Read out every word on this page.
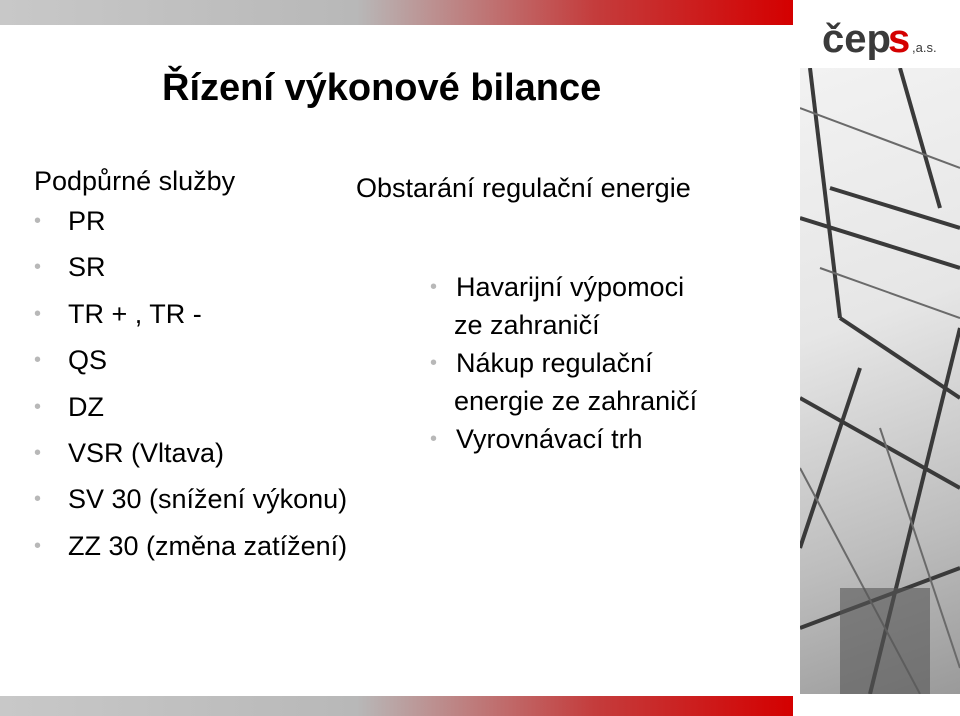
čep
s ,a.s.
Řízení výkonové bilance
Podpůrné služby
• PR
• SR
• TR + , TR -
• QS
• DZ
• VSR (Vltava)
• SV 30 (snížení výkonu)
• ZZ 30 (změna zatížení)
Obstarání regulační energie
• Havarijní výpomoci
ze zahraničí
• Nákup regulační
energie ze zahraničí
• Vyrovnávací trh
